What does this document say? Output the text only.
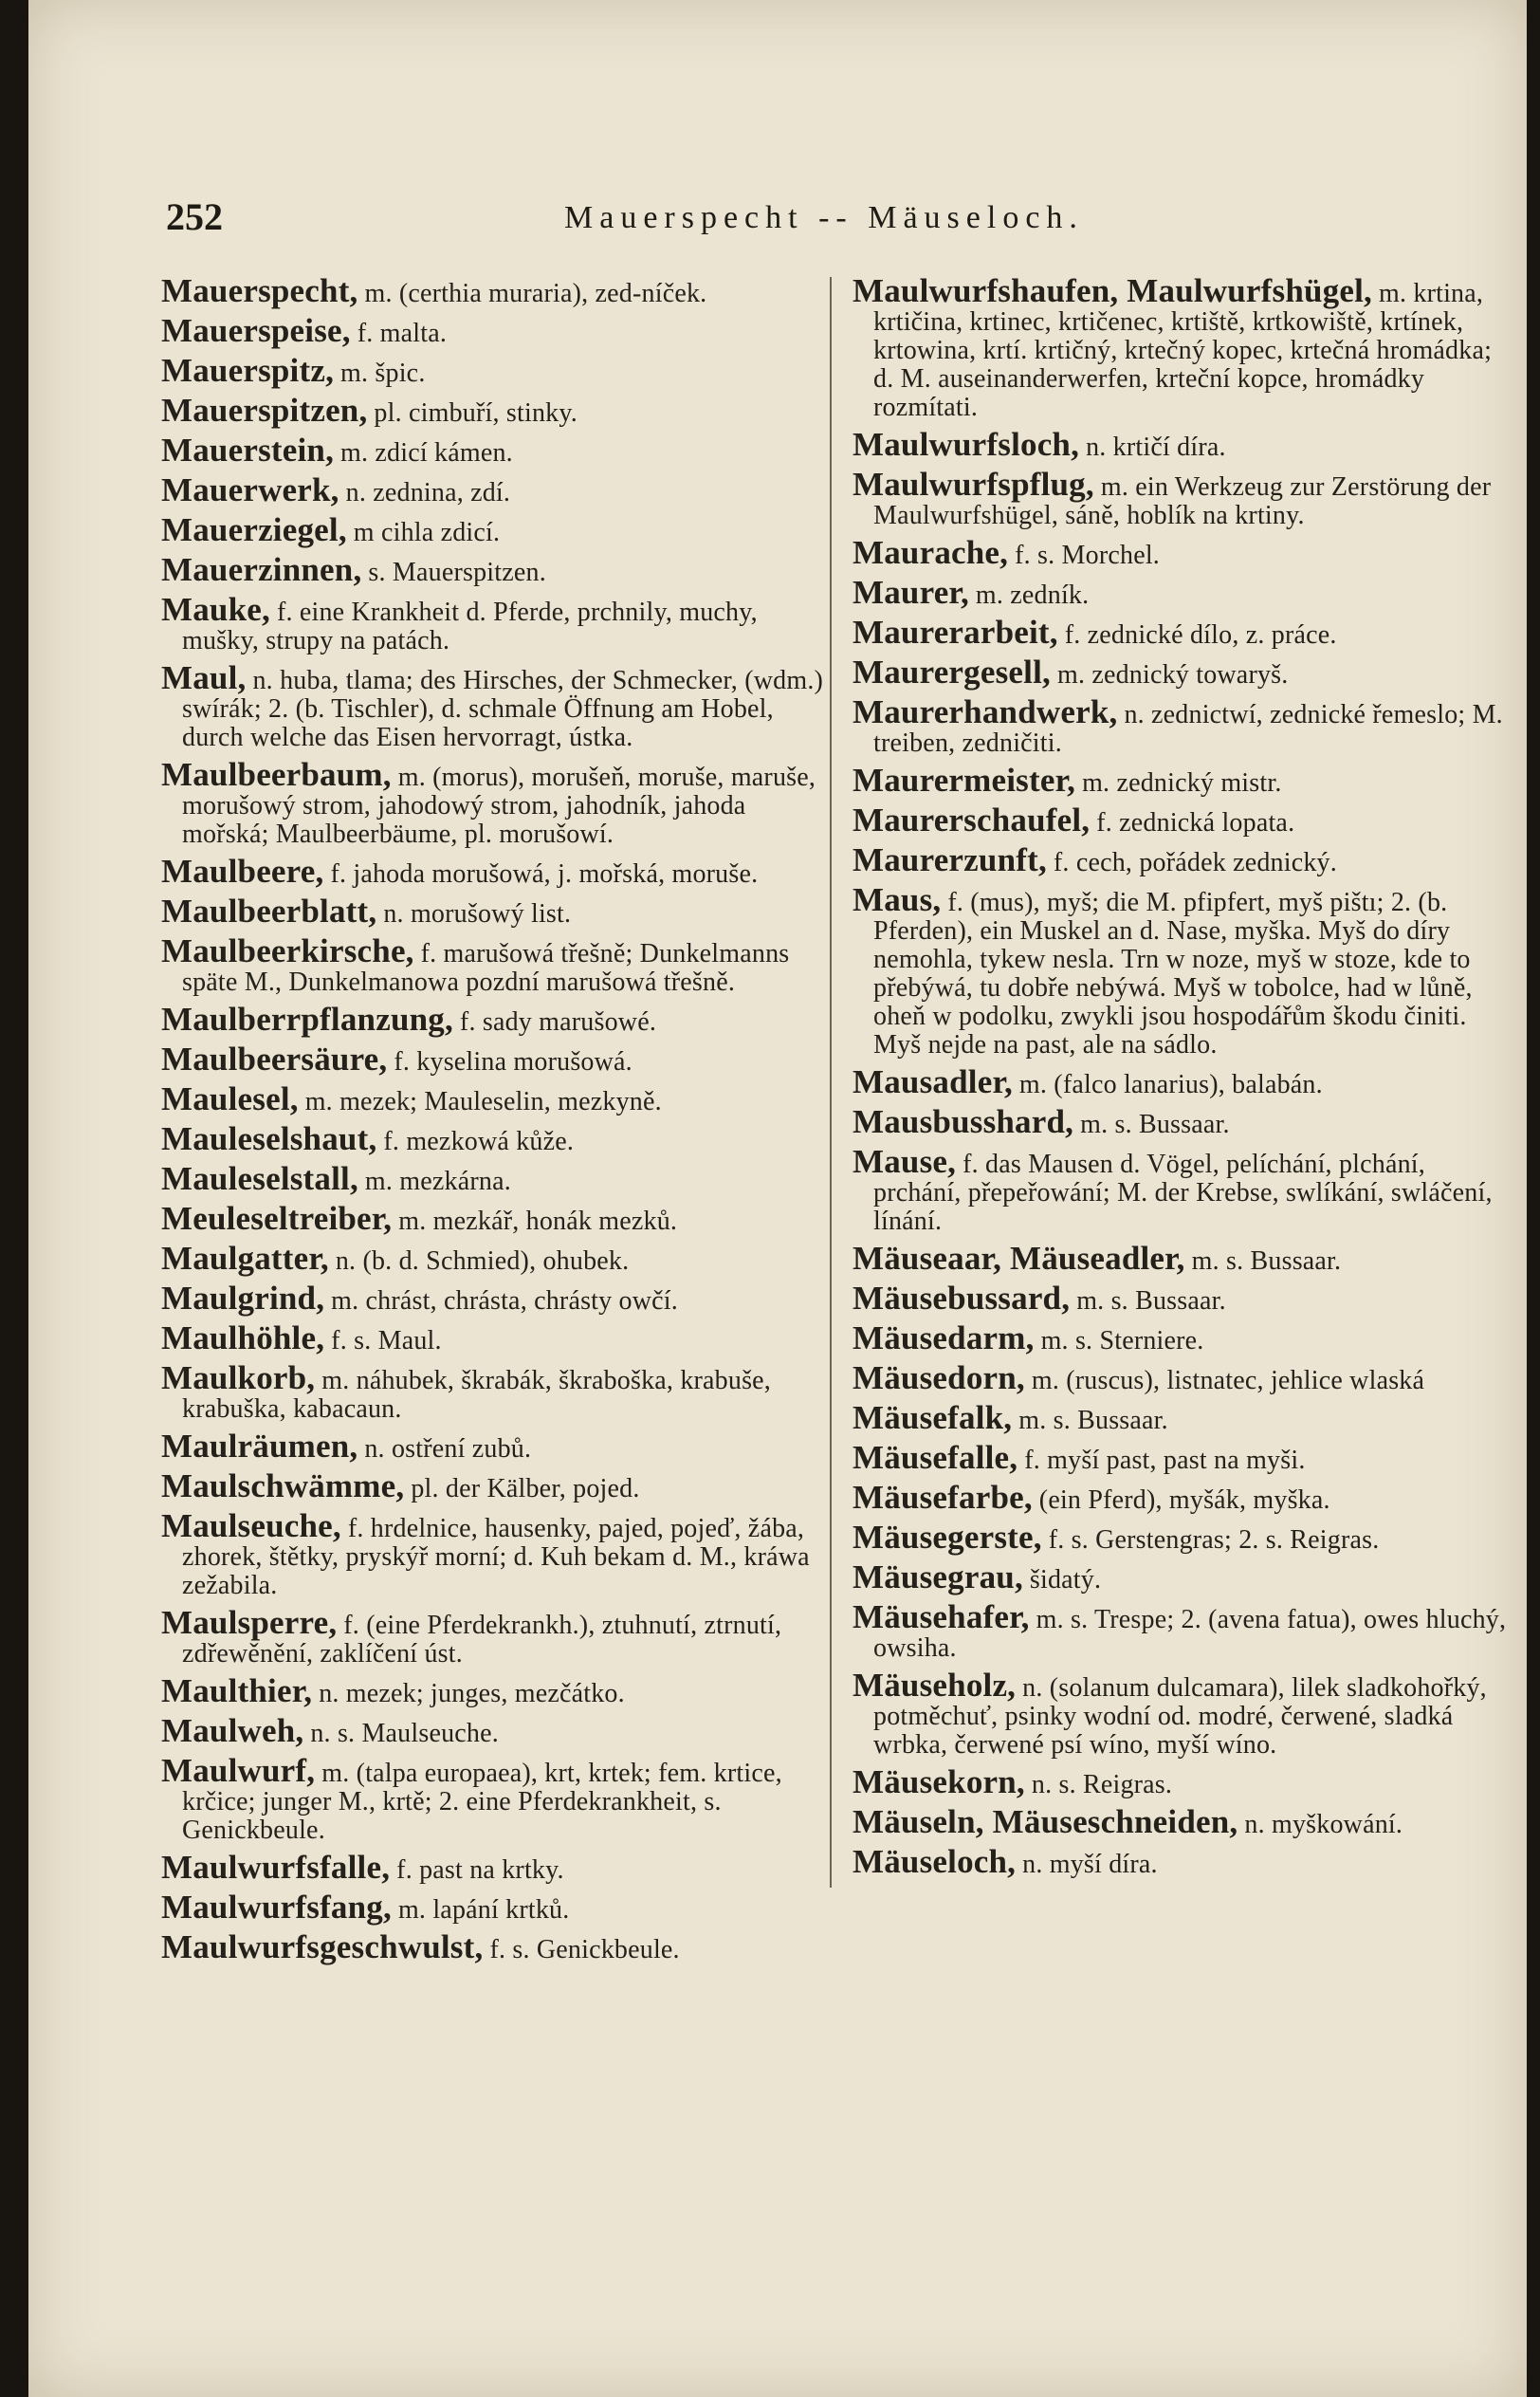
252	Mauerspecht -- Mäuseloch.
Mauerspecht, m. (certhia muraria), zed-níček.
Mauerspeise, f. malta.
Mauerspitz, m. špic.
Mauerspitzen, pl. cimbuří, stinky.
Mauerstein, m. zdicí kámen.
Mauerwerk, n. zednina, zdí.
Mauerziegel, m cihla zdicí.
Mauerzinnen, s. Mauerspitzen.
Mauke, f. eine Krankheit d. Pferde, prchnily, muchy, mušky, strupy na patách.
Maul, n. huba, tlama; des Hirsches, der Schmecker, (wdm.) swírák; 2. (b. Tischler), d. schmale Öffnung am Hobel, durch welche das Eisen hervorragt, ústka.
Maulbeerbaum, m. (morus), morušeň, moruše, maruše, morušowý strom, jahodowý strom, jahodník, jahoda mořská; Maulbeerbäume, pl. morušowí.
Maulbeere, f. jahoda morušowá, j. mořská, moruše.
Maulbeerblatt, n. morušowý list.
Maulbeerkirsche, f. marušowá třešně; Dunkelmanns späte M., Dunkelmanowa pozdní marušowá třešně.
Maulberrpflanzung, f. sady marušowé.
Maulbeersäure, f. kyselina morušowá.
Maulesel, m. mezek; Mauleselin, mezkyně.
Mauleselshaut, f. mezkowá kůže.
Mauleselstall, m. mezkárna.
Meuleseltreiber, m. mezkář, honák mezků.
Maulgatter, n. (b. d. Schmied), ohubek.
Maulgrind, m. chrást, chrásta, chrásty owčí.
Maulhöhle, f. s. Maul.
Maulkorb, m. náhubek, škrabák, škraboška, krabuše, krabuška, kabacaun.
Maulräumen, n. ostření zubů.
Maulschwämme, pl. der Kälber, pojed.
Maulseuche, f. hrdelnice, hausenky, pajed, pojeď, žába, zhorek, štětky, pryskýř morní; d. Kuh bekam d. M., kráwa zežabila.
Maulsperre, f. (eine Pferdekrankh.), ztuhnutí, ztrnutí, zdřewěnění, zaklíčení úst.
Maulthier, n. mezek; junges, mezčátko.
Maulweh, n. s. Maulseuche.
Maulwurf, m. (talpa europaea), krt, krtek; fem. krtice, krčice; junger M., krtě; 2. eine Pferdekrankheit, s. Genickbeule.
Maulwurfsfalle, f. past na krtky.
Maulwurfsfang, m. lapání krtků.
Maulwurfsgeschwulst, f. s. Genickbeule.
Maulwurfshaufen, Maulwurfshügel, m. krtina, krtičina, krtinec, krtičenec, krtiště, krtkowiště, krtínek, krtowina, krtí. krtičný, krtečný kopec, krtečná hromádka; d. M. auseinanderwerfen, krteční kopce, hromádky rozmítati.
Maulwurfsloch, n. krtičí díra.
Maulwurfspflug, m. ein Werkzeug zur Zerstörung der Maulwurfshügel, sáně, hoblík na krtiny.
Maurache, f. s. Morchel.
Maurer, m. zedník.
Maurerarbeit, f. zednické dílo, z. práce.
Maurergesell, m. zednický towaryš.
Maurerhandwerk, n. zednictwí, zednické řemeslo; M. treiben, zedničiti.
Maurermeister, m. zednický mistr.
Maurerschaufel, f. zednická lopata.
Maurerzunft, f. cech, pořádek zednický.
Maus, f. (mus), myš; die M. pfipfert, myš pištı; 2. (b. Pferden), ein Muskel an d. Nase, myška. Myš do díry nemohla, tykew nesla. Trn w noze, myš w stoze, kde to přebýwá, tu dobře nebýwá. Myš w tobolce, had w lůně, oheň w podolku, zwykli jsou hospodářům škodu činiti. Myš nejde na past, ale na sádlo.
Mausadler, m. (falco lanarius), balabán.
Mausbusshard, m. s. Bussaar.
Mause, f. das Mausen d. Vögel, pelíchání, plchání, prchání, přepeřowání; M. der Krebse, swlíkání, swláčení, línání.
Mäuseaar, Mäuseadler, m. s. Bussaar.
Mäusebussard, m. s. Bussaar.
Mäusedarm, m. s. Sterniere.
Mäusedorn, m. (ruscus), listnatec, jehlice wlaská
Mäusefalk, m. s. Bussaar.
Mäusefalle, f. myší past, past na myši.
Mäusefarbe, (ein Pferd), myšák, myška.
Mäusegerste, f. s. Gerstengras; 2. s. Reigras.
Mäusegrau, šidatý.
Mäusehafer, m. s. Trespe; 2. (avena fatua), owes hluchý, owsiha.
Mäuseholz, n. (solanum dulcamara), lilek sladkohořký, potměchuť, psinky wodní od. modré, čerwené, sladká wrbka, čerwené psí wíno, myší wíno.
Mäusekorn, n. s. Reigras.
Mäuseln, Mäuseschneiden, n. myškowání.
Mäuseloch, n. myší díra.
